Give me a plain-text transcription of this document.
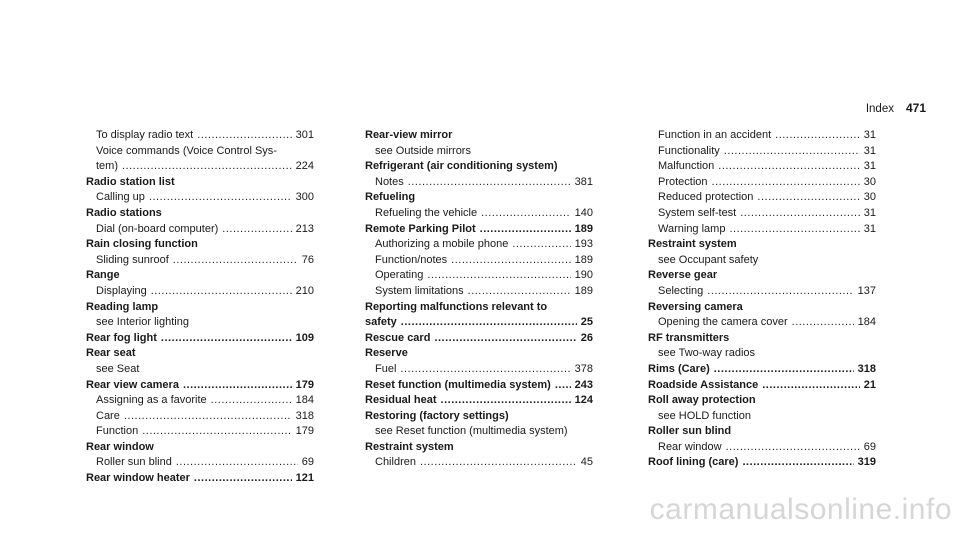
Index 471
To display radio text .....	301
Voice commands (Voice Control Sys-
tem) .....	224
Radio station list
Calling up .....	300
Radio stations
Dial (on-board computer) .....	213
Rain closing function
Sliding sunroof .....	76
Range
Displaying .....	210
Reading lamp
see Interior lighting
Rear fog light .....	109
Rear seat
see Seat
Rear view camera .....	179
Assigning as a favorite .....	184
Care .....	318
Function .....	179
Rear window
Roller sun blind .....	69
Rear window heater .....	121
Rear-view mirror
see Outside mirrors
Refrigerant (air conditioning system)
Notes .....	381
Refueling
Refueling the vehicle .....	140
Remote Parking Pilot .....	189
Authorizing a mobile phone .....	193
Function/notes .....	189
Operating .....	190
System limitations .....	189
Reporting malfunctions relevant to
safety .....	25
Rescue card .....	26
Reserve
Fuel .....	378
Reset function (multimedia system) ..... 243
Residual heat .....	124
Restoring (factory settings)
see Reset function (multimedia system)
Restraint system
Children .....	45
Function in an accident .....	31
Functionality .....	31
Malfunction .....	31
Protection .....	30
Reduced protection .....	30
System self-test .....	31
Warning lamp .....	31
Restraint system
see Occupant safety
Reverse gear
Selecting .....	137
Reversing camera
Opening the camera cover .....	184
RF transmitters
see Two-way radios
Rims (Care) .....	318
Roadside Assistance .....	21
Roll away protection
see HOLD function
Roller sun blind
Rear window .....	69
Roof lining (care) .....	319
carmanualsonline.info
